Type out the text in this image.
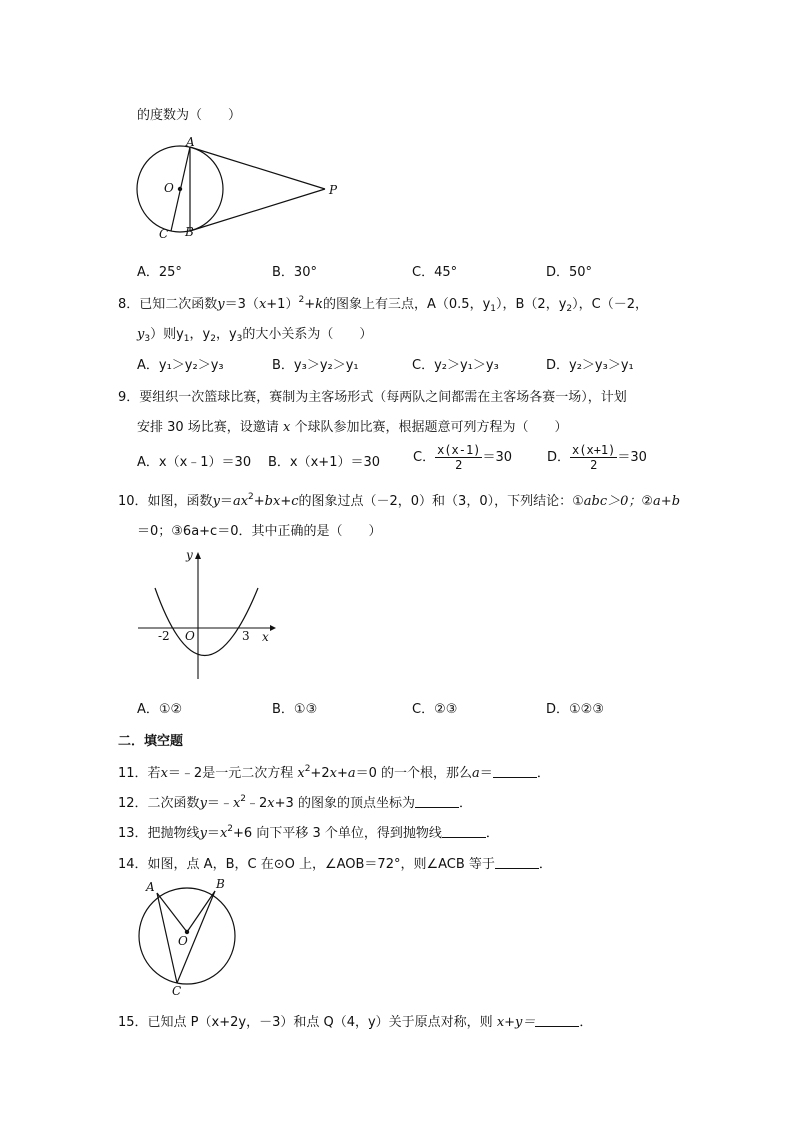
的度数为（　　）
A
O	P
B
C
A．25°	B．30°	C．45°	D．50°
8．已知二次函数$y=3(x+1)^2+k$的图象上有三点，A（0.5，$y_1$），B（2，$y_2$），C（－2，
$y_3$）则$y_1$，$y_2$，$y_3$的大小关系为（　　）
A．y₁＞y₂＞y₃	B．y₃＞y₂＞y₁	C．y₂＞y₁＞y₃	D．y₂＞y₃＞y₁
9．要组织一次篮球比赛，赛制为主客场形式（每两队之间都需在主客场各赛一场），计划
安排 30 场比赛，设邀请 x 个球队参加比赛，根据题意可列方程为（　　）
A．x（x﹣1）＝30 B．x（x+1）＝30	C． $\frac{x(x-1)}{2} =30$	D． $\frac{x(x+1)}{2} =30$
10．如图，函数$y=ax^2+bx+c$的图象过点（－2，0）和（3，0），下列结论：①abc＞0；②a+b
＝0；③6a+c＝0．其中正确的是（　　）
y
x
O
-2	3
A．①②	B．①③	C．②③	D．①②③
二．填空题
11．若x＝﹣2是一元二次方程 $x^2+2x+a=0$ 的一个根，那么a＝	．
12．二次函数$y=﹣x^2﹣2x+3$ 的图象的顶点坐标为	．
13．把抛物线$y=x^2+6$ 向下平移 3 个单位，得到抛物线	．
14．如图，点 A，B，C 在⊙O 上，∠AOB＝72°，则∠ACB 等于	．
A	B
O
C
15．已知点 P（x+2y，－3）和点 Q（4，y）关于原点对称，则 x+y＝	．
